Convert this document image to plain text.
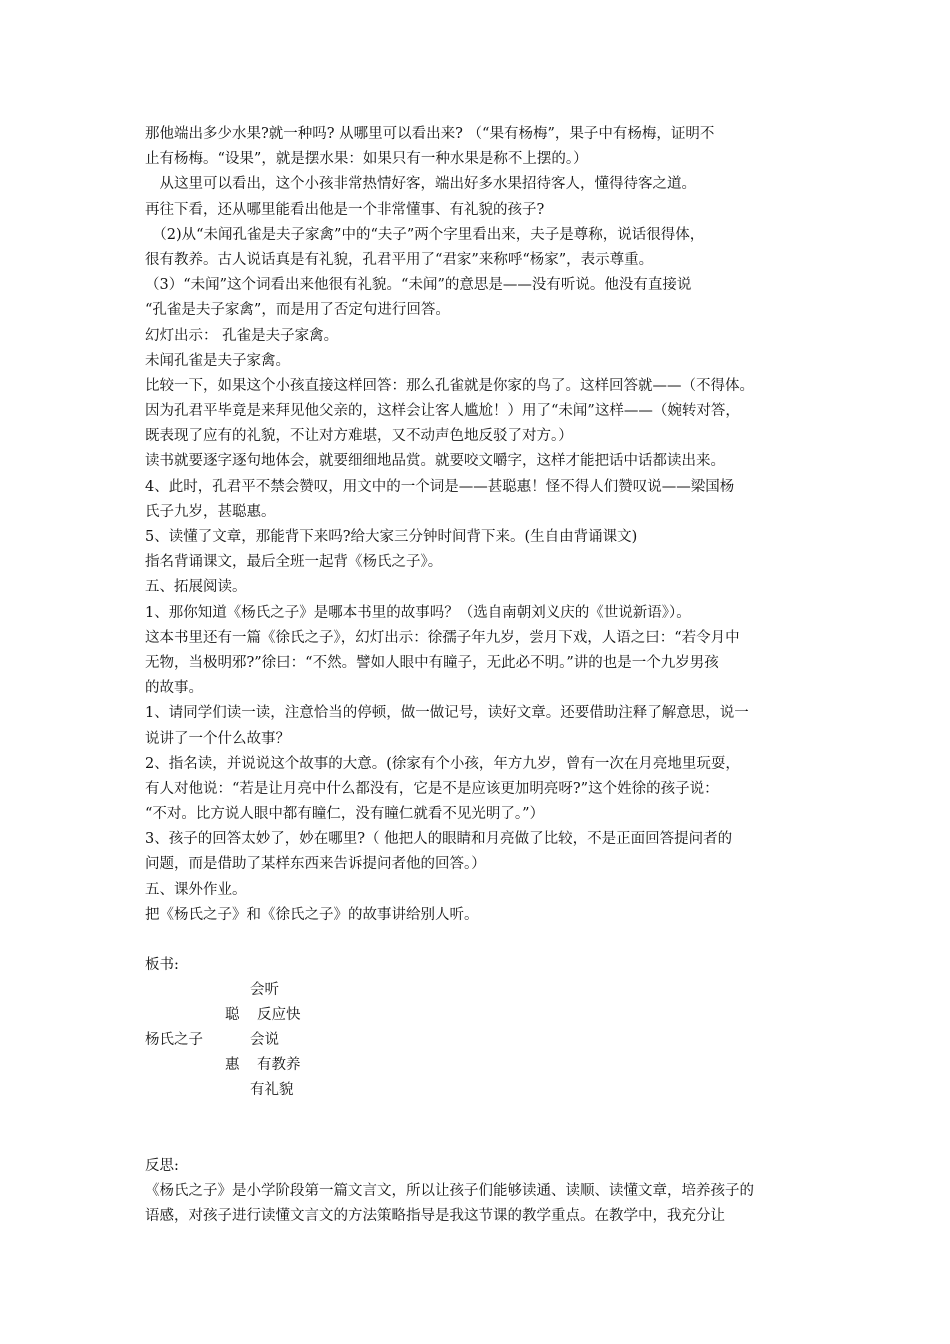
那他端出多少水果?就一种吗? 从哪里可以看出来? （“果有杨梅”，果子中有杨梅，证明不
止有杨梅。“设果”，就是摆水果：如果只有一种水果是称不上摆的。）
　从这里可以看出，这个小孩非常热情好客，端出好多水果招待客人，懂得待客之道。
再往下看，还从哪里能看出他是一个非常懂事、有礼貌的孩子?
　（2)从“未闻孔雀是夫子家禽”中的“夫子”两个字里看出来，夫子是尊称，说话很得体，
很有教养。古人说话真是有礼貌，孔君平用了“君家”来称呼“杨家”，表示尊重。
（3）“未闻”这个词看出来他很有礼貌。“未闻”的意思是——没有听说。他没有直接说
“孔雀是夫子家禽”，而是用了否定句进行回答。
幻灯出示： 孔雀是夫子家禽。
未闻孔雀是夫子家禽。
比较一下，如果这个小孩直接这样回答：那么孔雀就是你家的鸟了。这样回答就——（不得体。
因为孔君平毕竟是来拜见他父亲的，这样会让客人尴尬！）用了“未闻”这样——（婉转对答，
既表现了应有的礼貌，不让对方难堪，又不动声色地反驳了对方。）
读书就要逐字逐句地体会，就要细细地品赏。就要咬文嚼字，这样才能把话中话都读出来。
4、此时，孔君平不禁会赞叹，用文中的一个词是——甚聪惠！怪不得人们赞叹说——梁国杨
氏子九岁，甚聪惠。
5、读懂了文章，那能背下来吗?给大家三分钟时间背下来。(生自由背诵课文)
指名背诵课文，最后全班一起背《杨氏之子》。
五、拓展阅读。
1、那你知道《杨氏之子》是哪本书里的故事吗？（选自南朝刘义庆的《世说新语》）。
这本书里还有一篇《徐氏之子》，幻灯出示：徐孺子年九岁，尝月下戏，人语之曰：“若令月中
无物，当极明邪?”徐曰：“不然。譬如人眼中有瞳子，无此必不明。”讲的也是一个九岁男孩
的故事。
1、请同学们读一读，注意恰当的停顿，做一做记号，读好文章。还要借助注释了解意思，说一
说讲了一个什么故事？
2、指名读，并说说这个故事的大意。(徐家有个小孩，年方九岁，曾有一次在月亮地里玩耍，
有人对他说：“若是让月亮中什么都没有，它是不是应该更加明亮呀?”这个姓徐的孩子说：
“不对。比方说人眼中都有瞳仁，没有瞳仁就看不见光明了。”）
3、孩子的回答太妙了，妙在哪里?（ 他把人的眼睛和月亮做了比较，不是正面回答提问者的
问题，而是借助了某样东西来告诉提问者他的回答。）
五、课外作业。
把《杨氏之子》和《徐氏之子》的故事讲给别人听。
板书:
会听
聪 反应快
杨氏之子	会说
惠 有教养
有礼貌
反思:
《杨氏之子》是小学阶段第一篇文言文，所以让孩子们能够读通、读顺、读懂文章，培养孩子的
语感，对孩子进行读懂文言文的方法策略指导是我这节课的教学重点。在教学中，我充分让
